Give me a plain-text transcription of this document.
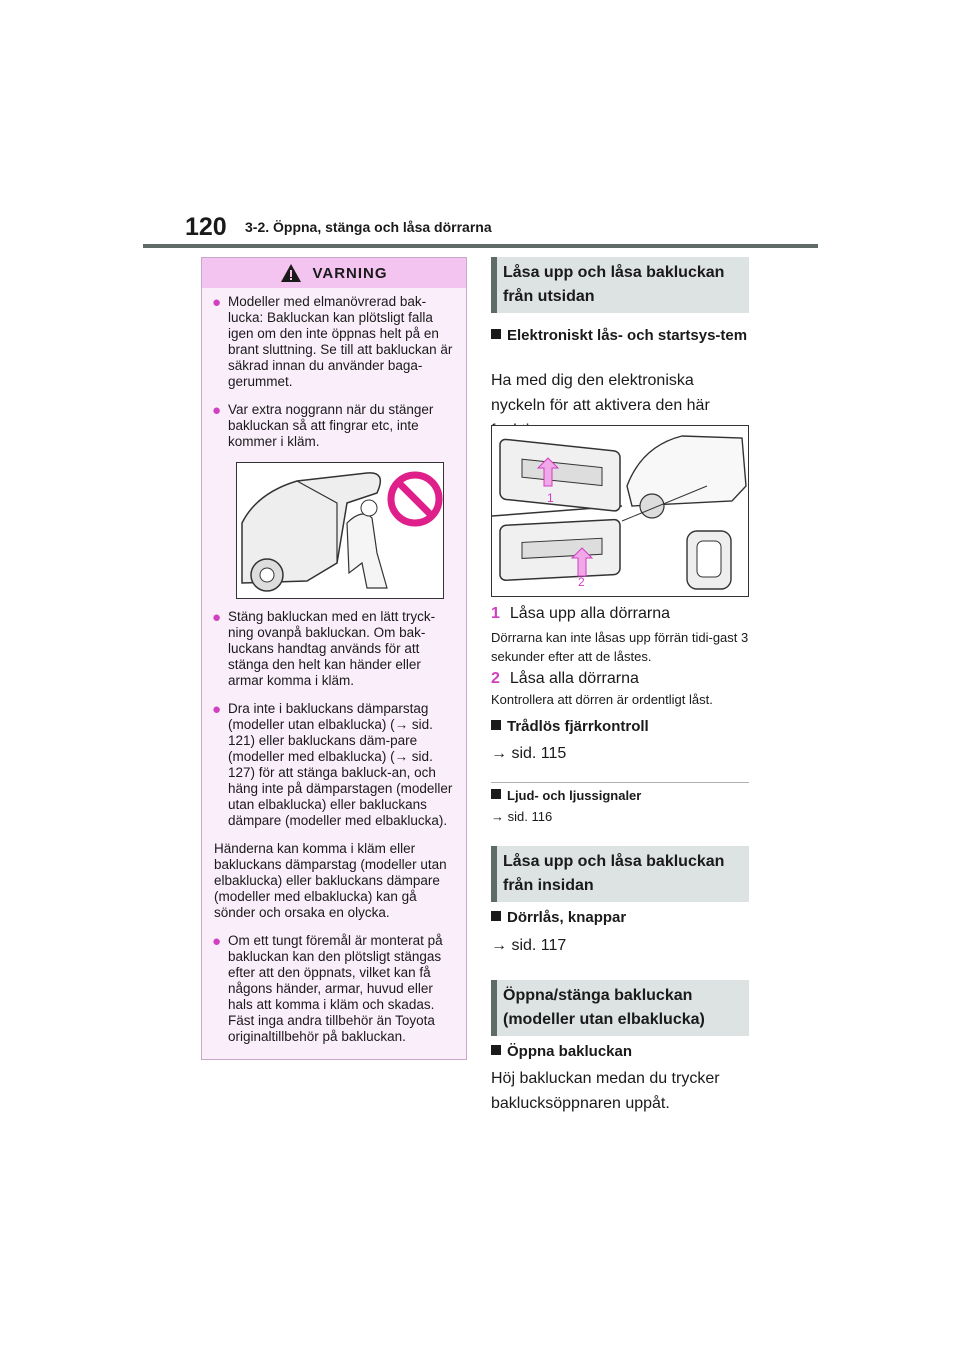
120 3-2. Öppna, stänga och låsa dörrarna
VARNING
● Modeller med elmanövrerad bak-lucka: Bakluckan kan plötsligt falla igen om den inte öppnas helt på en brant sluttning. Se till att bakluckan är säkrad innan du använder baga-gerummet.

● Var extra noggrann när du stänger bakluckan så att fingrar etc, inte kommer i kläm.

● Stäng bakluckan med en lätt tryck-ning ovanpå bakluckan. Om bak-luckans handtag används för att stänga den helt kan händer eller armar komma i kläm.

● Dra inte i bakluckans dämparstag (modeller utan elbaklucka) (→ sid. 121) eller bakluckans däm-pare (modeller med elbaklucka) (→ sid. 127) för att stänga bakluck-an, och häng inte på dämparstagen (modeller utan elbaklucka) eller bakluckans dämpare (modeller med elbaklucka).

Händerna kan komma i kläm eller bakluckans dämparstag (modeller utan elbaklucka) eller bakluckans dämpare (modeller med elbaklucka) kan gå sönder och orsaka en olycka.

● Om ett tungt föremål är monterat på bakluckan kan den plötsligt stängas efter att den öppnats, vilket kan få någons händer, armar, huvud eller hals att komma i kläm och skadas. Fäst inga andra tillbehör än Toyota originaltillbehör på bakluckan.

Låsa upp och låsa bakluckan från utsidan
Elektroniskt lås- och startsys-tem
Ha med dig den elektroniska nyckeln för att aktivera den här
1
2
1 Låsa upp alla dörrarna
Dörrarna kan inte låsas upp förrän tidi-gast 3 sekunder efter att de låstes.
2 Låsa alla dörrarna
Kontrollera att dörren är ordentligt låst.
Trådlös fjärrkontroll
→ sid. 115
Ljud- och ljussignaler
→ sid. 116
Låsa upp och låsa bakluckan från insidan
Dörrlås, knappar
→ sid. 117
Öppna/stänga bakluckan (modeller utan elbaklucka)
Öppna bakluckan
Höj bakluckan medan du trycker baklucksöppnaren uppåt.
